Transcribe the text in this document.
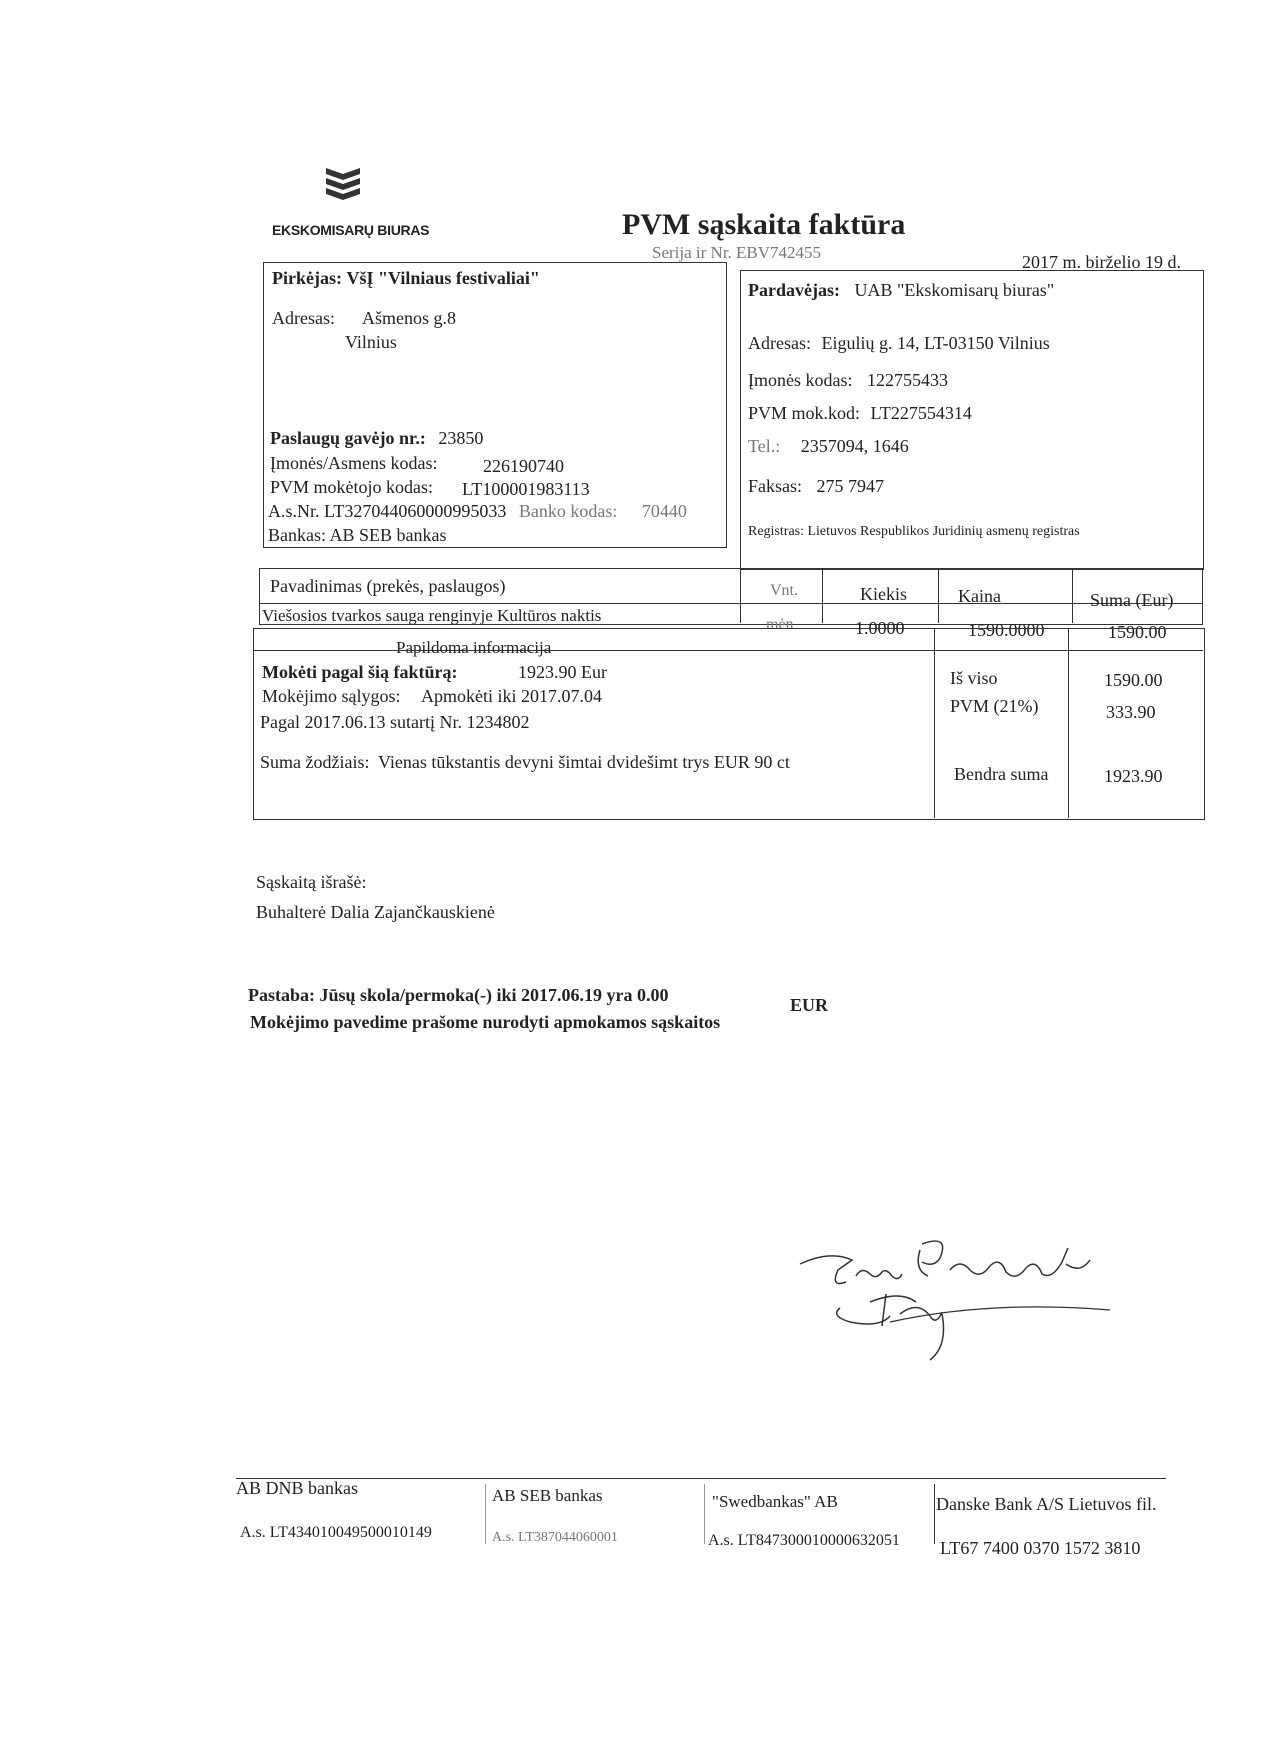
EKSKOMISARŲ BIURAS	PVM sąskaita faktūra
Serija ir Nr. EBV742455	2017 m. birželio 19 d.
Pirkėjas: VšĮ "Vilniaus festivaliai"
Adresas: Ašmenos g.8
Vilnius
Paslaugų gavėjo nr.: 23850
Įmonės/Asmens kodas:	226190740
PVM mokėtojo kodas: LT100001983113
A.s.Nr. LT327044060000995033 Banko kodas: 70440
Bankas: AB SEB bankas
Pardavėjas: UAB "Ekskomisarų biuras"
Adresas: Eigulių g. 14, LT-03150 Vilnius
Įmonės kodas: 122755433
PVM mok.kod: LT227554314
Tel.: 2357094, 1646
Faksas: 275 7947
Registras: Lietuvos Respublikos Juridinių asmenų registras
Pavadinimas (prekės, paslaugos)	Vnt.	Kiekis	Kaina	Suma (Eur)
Viešosios tvarkos sauga renginyje Kultūros naktis	mėn	1.0000	1590.0000	1590.00
Papildoma informacija
Mokėti pagal šią faktūrą:	1923.90 Eur
Mokėjimo sąlygos: Apmokėti iki 2017.07.04
Pagal 2017.06.13 sutartį Nr. 1234802
Suma žodžiais: Vienas tūkstantis devyni šimtai dvidešimt trys EUR 90 ct
Iš viso	1590.00
PVM (21%)	333.90
Bendra suma	1923.90
Sąskaitą išrašė:
Buhalterė Dalia Zajančkauskienė
Pastaba: Jūsų skola/permoka(-) iki 2017.06.19 yra 0.00	EUR
Mokėjimo pavedime prašome nurodyti apmokamos sąskaitos
AB DNB bankas
A.s. LT434010049500010149
AB SEB bankas
A.s. LT387044060001
"Swedbankas" AB
A.s. LT847300010000632051
Danske Bank A/S Lietuvos fil.
LT67 7400 0370 1572 3810
